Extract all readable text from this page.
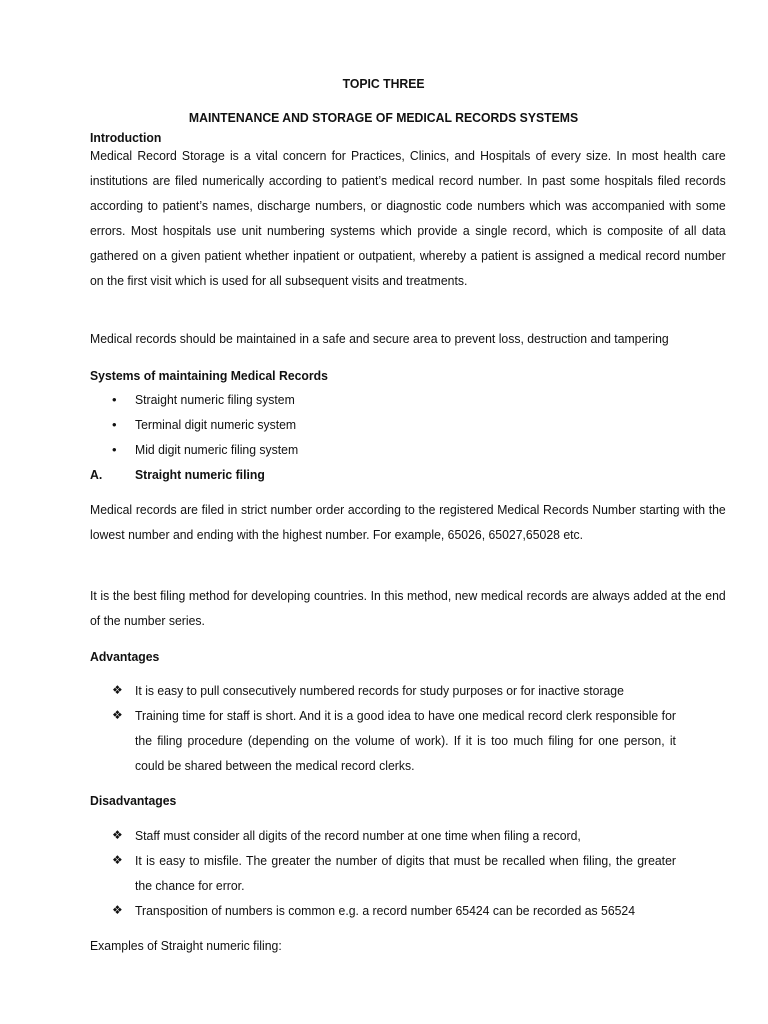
TOPIC THREE
MAINTENANCE AND STORAGE OF MEDICAL RECORDS SYSTEMS
Introduction
Medical Record Storage is a vital concern for Practices, Clinics, and Hospitals of every size. In most health care institutions are filed numerically according to patient’s medical record number. In past some hospitals filed records according to patient’s names, discharge numbers, or diagnostic code numbers which was accompanied with some errors. Most hospitals use unit numbering systems which provide a single record, which is composite of all data gathered on a given patient whether inpatient or outpatient, whereby a patient is assigned a medical record number on the first visit which is used for all subsequent visits and treatments.
Medical records should be maintained in a safe and secure area to prevent loss, destruction and tampering
Systems of maintaining Medical Records
• Straight numeric filing system
• Terminal digit numeric system
• Mid digit numeric filing system
A. Straight numeric filing
Medical records are filed in strict number order according to the registered Medical Records Number starting with the lowest number and ending with the highest number. For example, 65026, 65027,65028 etc.
It is the best filing method for developing countries. In this method, new medical records are always added at the end of the number series.
Advantages
❖ It is easy to pull consecutively numbered records for study purposes or for inactive storage
❖ Training time for staff is short. And it is a good idea to have one medical record clerk responsible for the filing procedure (depending on the volume of work). If it is too much filing for one person, it could be shared between the medical record clerks.
Disadvantages
❖ Staff must consider all digits of the record number at one time when filing a record,
❖ It is easy to misfile. The greater the number of digits that must be recalled when filing, the greater the chance for error.
❖ Transposition of numbers is common e.g. a record number 65424 can be recorded as 56524
Examples of Straight numeric filing:
